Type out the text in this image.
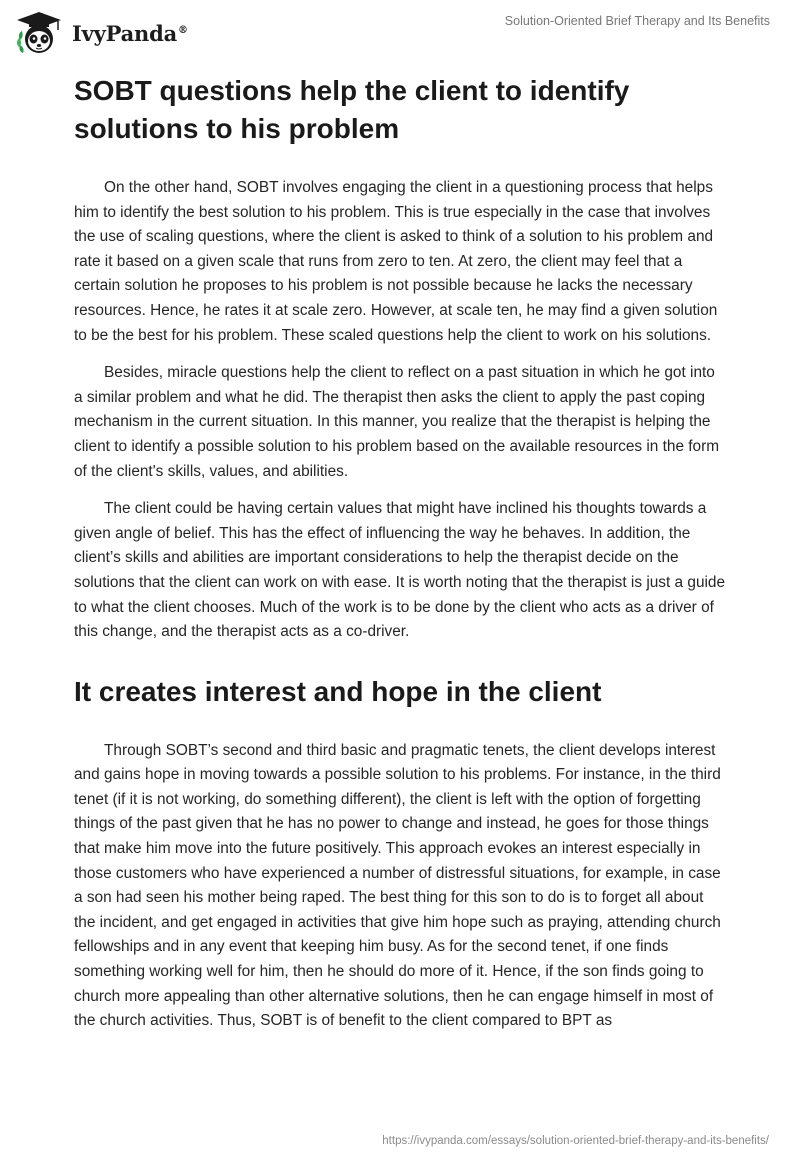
IvyPanda®
Solution-Oriented Brief Therapy and Its Benefits
SOBT questions help the client to identify solutions to his problem

On the other hand, SOBT involves engaging the client in a questioning process that helps him to identify the best solution to his problem. This is true especially in the case that involves the use of scaling questions, where the client is asked to think of a solution to his problem and rate it based on a given scale that runs from zero to ten. At zero, the client may feel that a certain solution he proposes to his problem is not possible because he lacks the necessary resources. Hence, he rates it at scale zero. However, at scale ten, he may find a given solution to be the best for his problem. These scaled questions help the client to work on his solutions.

Besides, miracle questions help the client to reflect on a past situation in which he got into a similar problem and what he did. The therapist then asks the client to apply the past coping mechanism in the current situation. In this manner, you realize that the therapist is helping the client to identify a possible solution to his problem based on the available resources in the form of the client's skills, values, and abilities.

The client could be having certain values that might have inclined his thoughts towards a given angle of belief. This has the effect of influencing the way he behaves. In addition, the client’s skills and abilities are important considerations to help the therapist decide on the solutions that the client can work on with ease. It is worth noting that the therapist is just a guide to what the client chooses. Much of the work is to be done by the client who acts as a driver of this change, and the therapist acts as a co-driver.

It creates interest and hope in the client

Through SOBT’s second and third basic and pragmatic tenets, the client develops interest and gains hope in moving towards a possible solution to his problems. For instance, in the third tenet (if it is not working, do something different), the client is left with the option of forgetting things of the past given that he has no power to change and instead, he goes for those things that make him move into the future positively. This approach evokes an interest especially in those customers who have experienced a number of distressful situations, for example, in case a son had seen his mother being raped. The best thing for this son to do is to forget all about the incident, and get engaged in activities that give him hope such as praying, attending church fellowships and in any event that keeping him busy. As for the second tenet, if one finds something working well for him, then he should do more of it. Hence, if the son finds going to church more appealing than other alternative solutions, then he can engage himself in most of the church activities. Thus, SOBT is of benefit to the client compared to BPT as

https://ivypanda.com/essays/solution-oriented-brief-therapy-and-its-benefits/
